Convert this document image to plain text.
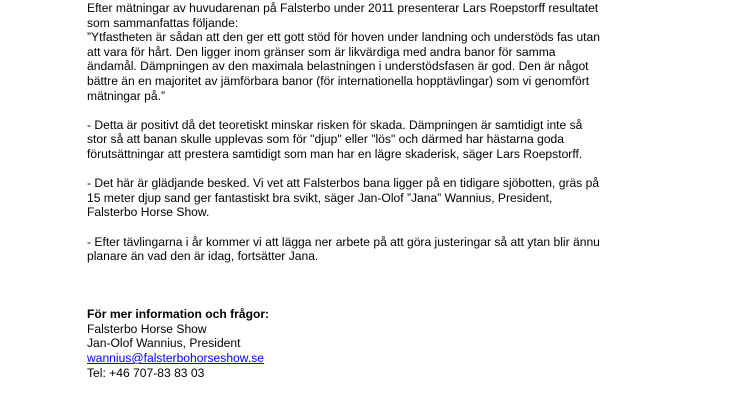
Efter mätningar av huvudarenan på Falsterbo under 2011 presenterar Lars Roepstorff resultatet
som sammanfattas följande:
”Ytfastheten är sådan att den ger ett gott stöd för hoven under landning och understöds fas utan
att vara för hårt. Den ligger inom gränser som är likvärdiga med andra banor för samma
ändamål. Dämpningen av den maximala belastningen i understödsfasen är god. Den är något
bättre än en majoritet av jämförbara banor (för internationella hopptävlingar) som vi genomfört
mätningar på.”

- Detta är positivt då det teoretiskt minskar risken för skada. Dämpningen är samtidigt inte så
stor så att banan skulle upplevas som för "djup" eller "lös" och därmed har hästarna goda
förutsättningar att prestera samtidigt som man har en lägre skaderisk, säger Lars Roepstorff.

- Det här är glädjande besked. Vi vet att Falsterbos bana ligger på en tidigare sjöbotten, gräs på
15 meter djup sand ger fantastiskt bra svikt, säger Jan-Olof ”Jana” Wannius, President,
Falsterbo Horse Show.

- Efter tävlingarna i år kommer vi att lägga ner arbete på att göra justeringar så att ytan blir ännu
planare än vad den är idag, fortsätter Jana.

För mer information och frågor:

Falsterbo Horse Show

Jan-Olof Wannius, President

wannius@falsterbohorseshow.se

Tel: +46 707-83 83 03
